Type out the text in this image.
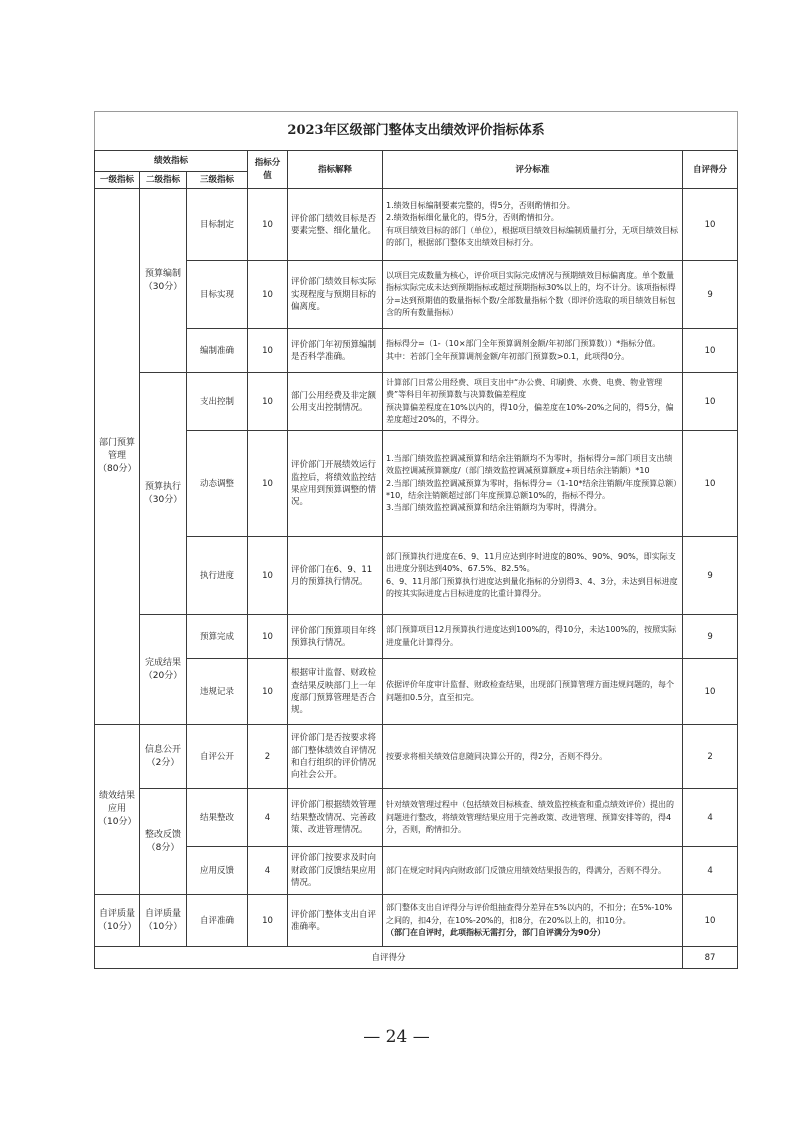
2023年区级部门整体支出绩效评价指标体系						
绩效指标			指标分值	指标解释	评分标准	自评得分
一级指标	二级指标	三级指标				
部门预算管理（80分）	预算编制（30分）	目标制定	10	评价部门绩效目标是否要素完整、细化量化。	1.绩效目标编制要素完整的，得5分，否则酌情扣分。
2.绩效指标细化量化的，得5分，否则酌情扣分。
有项目绩效目标的部门（单位），根据项目绩效目标编制质量打分，无项目绩效目标的部门，根据部门整体支出绩效目标打分。	10
		目标实现	10	评价部门绩效目标实际实现程度与预期目标的偏离度。	以项目完成数量为核心，评价项目实际完成情况与预期绩效目标偏离度。单个数量指标实际完成未达到预期指标或超过预期指标30%以上的，均不计分。该项指标得分=达到预期值的数量指标个数/全部数量指标个数（即评价选取的项目绩效目标包含的所有数量指标）	9
		编制准确	10	评价部门年初预算编制是否科学准确。	指标得分=（1-（10×部门全年预算调剂金额/年初部门预算数））*指标分值。
其中：若部门全年预算调剂金额/年初部门预算数>0.1，此项得0分。	10
	预算执行（30分）	支出控制	10	部门公用经费及非定额公用支出控制情况。	计算部门日常公用经费、项目支出中“办公费、印刷费、水费、电费、物业管理费”等科目年初预算数与决算数偏差程度
预决算偏差程度在10%以内的，得10分，偏差度在10%-20%之间的，得5分，偏差度超过20%的，不得分。	10
		动态调整	10	评价部门开展绩效运行监控后，将绩效监控结果应用到预算调整的情况。	1.当部门绩效监控调减预算和结余注销额均不为零时，指标得分=部门项目支出绩效监控调减预算额度/（部门绩效监控调减预算额度+项目结余注销额）*10
2.当部门绩效监控调减预算为零时，指标得分=（1-10*结余注销额/年度预算总额）*10，结余注销额超过部门年度预算总额10%的，指标不得分。
3.当部门绩效监控调减预算和结余注销额均为零时，得满分。	10
		执行进度	10	评价部门在6、9、11月的预算执行情况。	部门预算执行进度在6、9、11月应达到序时进度的80%、90%、90%，即实际支出进度分别达到40%、67.5%、82.5%。
6、9、11月部门预算执行进度达到量化指标的分别得3、4、3分，未达到目标进度的按其实际进度占目标进度的比重计算得分。	9
	完成结果（20分）	预算完成	10	评价部门预算项目年终预算执行情况。	部门预算项目12月预算执行进度达到100%的，得10分，未达100%的，按照实际进度量化计算得分。	9
		违规记录	10	根据审计监督、财政检查结果反映部门上一年度部门预算管理是否合规。	依据评价年度审计监督、财政检查结果，出现部门预算管理方面违规问题的，每个问题扣0.5分，直至扣完。	10
绩效结果应用（10分）	信息公开（2分）	自评公开	2	评价部门是否按要求将部门整体绩效自评情况和自行组织的评价情况向社会公开。	按要求将相关绩效信息随同决算公开的，得2分，否则不得分。	2
	整改反馈（8分）	结果整改	4	评价部门根据绩效管理结果整改情况、完善政策、改进管理情况。	针对绩效管理过程中（包括绩效目标核查、绩效监控核查和重点绩效评价）提出的问题进行整改，将绩效管理结果应用于完善政策、改进管理、预算安排等的，得4分，否则，酌情扣分。	4
		应用反馈	4	评价部门按要求及时向财政部门反馈结果应用情况。	部门在规定时间内向财政部门反馈应用绩效结果报告的，得满分，否则不得分。	4
自评质量（10分）	自评质量（10分）	自评准确	10	评价部门整体支出自评准确率。	部门整体支出自评得分与评价组抽查得分差异在5%以内的，不扣分；在5%-10%之间的，扣4分，在10%-20%的，扣8分，在20%以上的，扣10分。
（部门在自评时，此项指标无需打分，部门自评满分为90分）	10
自评得分						87
— 24 —
